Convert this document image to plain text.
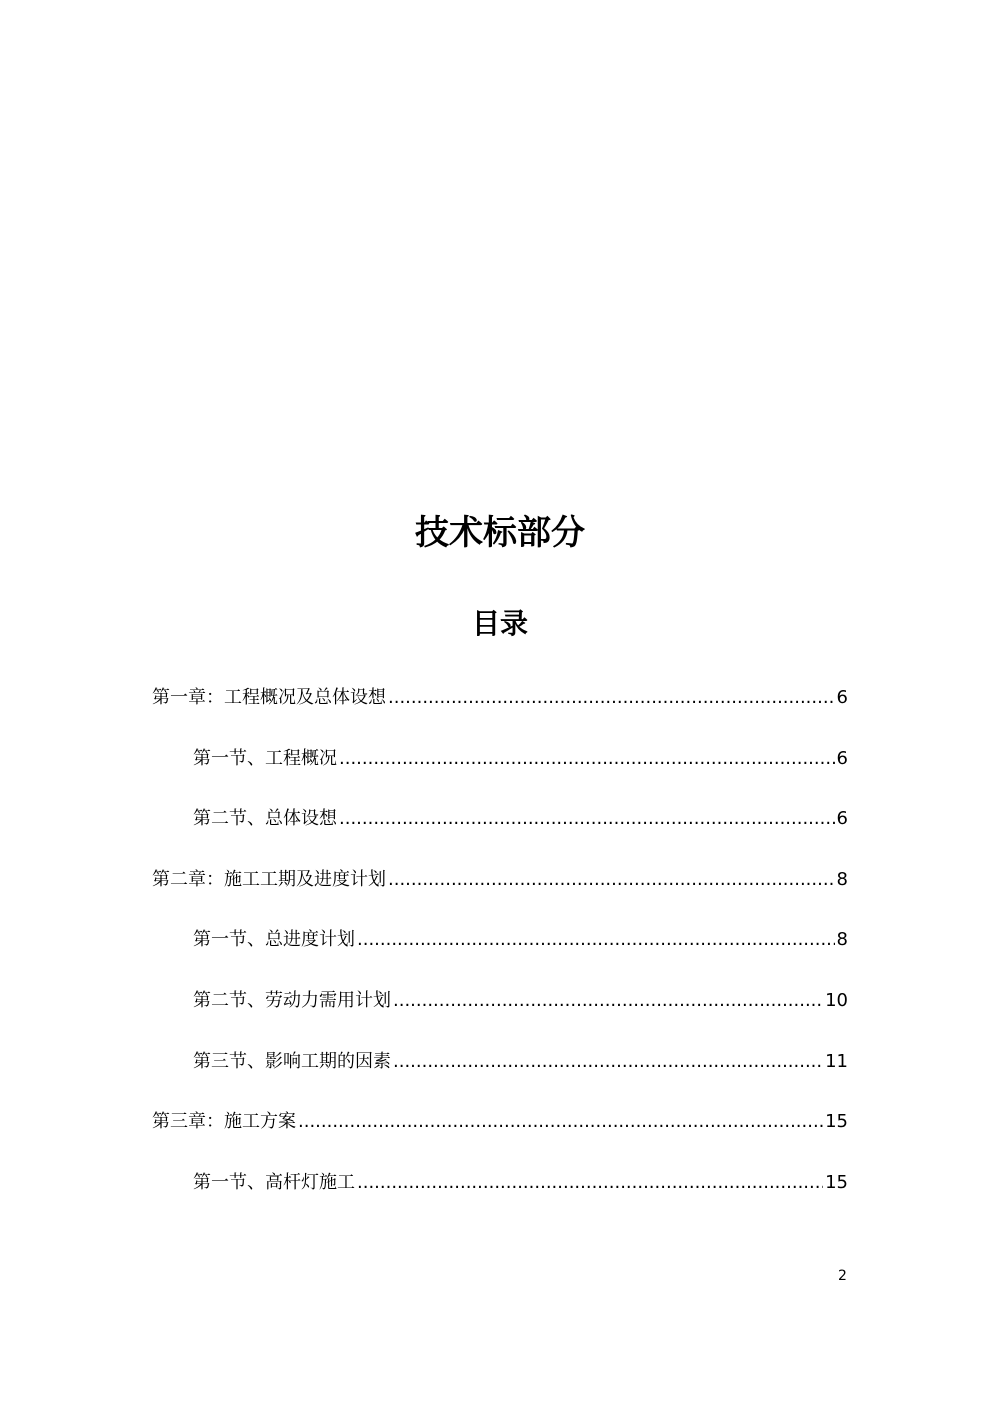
技术标部分
目录
第一章：工程概况及总体设想 .....	6
第一节、工程概况 .....	6
第二节、总体设想 .....	6
第二章：施工工期及进度计划 .....	8
第一节、总进度计划 .....	8
第二节、劳动力需用计划 .....	10
第三节、影响工期的因素 .....	11
第三章：施工方案 .....	15
第一节、高杆灯施工 .....	15
2
